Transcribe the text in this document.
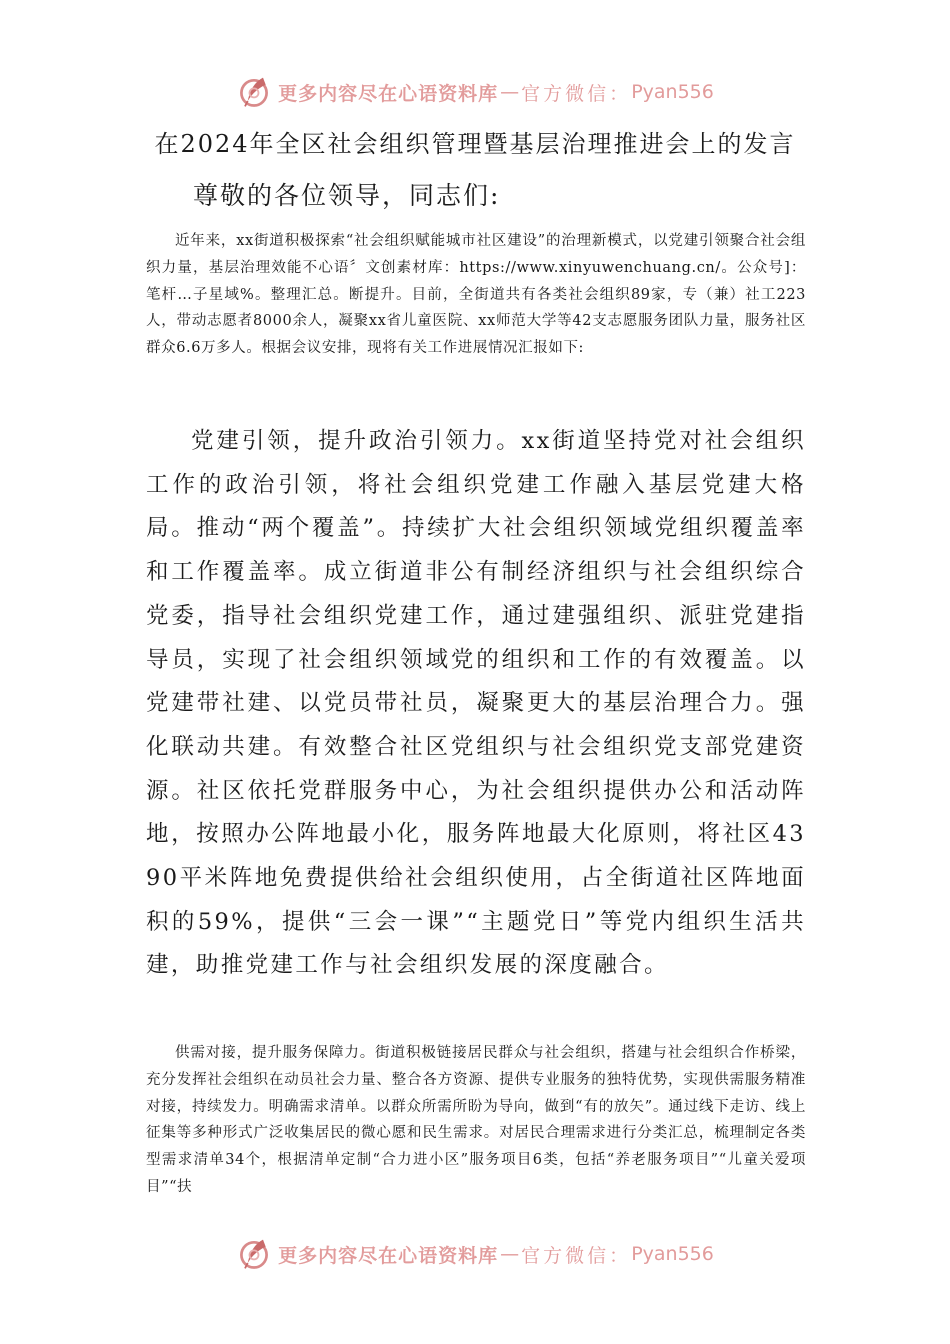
更多内容尽在心语资料库 — 官方微信： Pyan556
在2024年全区社会组织管理暨基层治理推进会上的发言
尊敬的各位领导，同志们:

近年来，xx街道积极探索“社会组织赋能城市社区建设”的治理新模式，以党建引领聚合社会组织力量，基层治理效能不心语〞文创素材库：https://www.xinyuwenchuang.cn/。公众号]：笔杆…子星域%。整理汇总。断提升。目前，全街道共有各类社会组织89家，专（兼）社工223人，带动志愿者8000余人，凝聚xx省儿童医院、xx师范大学等42支志愿服务团队力量，服务社区群众6.6万多人。根据会议安排，现将有关工作进展情况汇报如下:

党建引领，提升政治引领力。xx街道坚持党对社会组织工作的政治引领，将社会组织党建工作融入基层党建大格局。推动“两个覆盖”。持续扩大社会组织领域党组织覆盖率和工作覆盖率。成立街道非公有制经济组织与社会组织综合党委，指导社会组织党建工作，通过建强组织、派驻党建指导员，实现了社会组织领域党的组织和工作的有效覆盖。以党建带社建、以党员带社员，凝聚更大的基层治理合力。强化联动共建。有效整合社区党组织与社会组织党支部党建资源。社区依托党群服务中心，为社会组织提供办公和活动阵地，按照办公阵地最小化，服务阵地最大化原则，将社区4390平米阵地免费提供给社会组织使用，占全街道社区阵地面积的59%，提供“三会一课”“主题党日”等党内组织生活共建，助推党建工作与社会组织发展的深度融合。

供需对接，提升服务保障力。街道积极链接居民群众与社会组织，搭建与社会组织合作桥梁，充分发挥社会组织在动员社会力量、整合各方资源、提供专业服务的独特优势，实现供需服务精准对接，持续发力。明确需求清单。以群众所需所盼为导向，做到“有的放矢”。通过线下走访、线上征集等多种形式广泛收集居民的微心愿和民生需求。对居民合理需求进行分类汇总，梳理制定各类型需求清单34个，根据清单定制“合力进小区”服务项目6类，包括“养老服务项目”“儿童关爱项目”“扶

更多内容尽在心语资料库 — 官方微信： Pyan556
